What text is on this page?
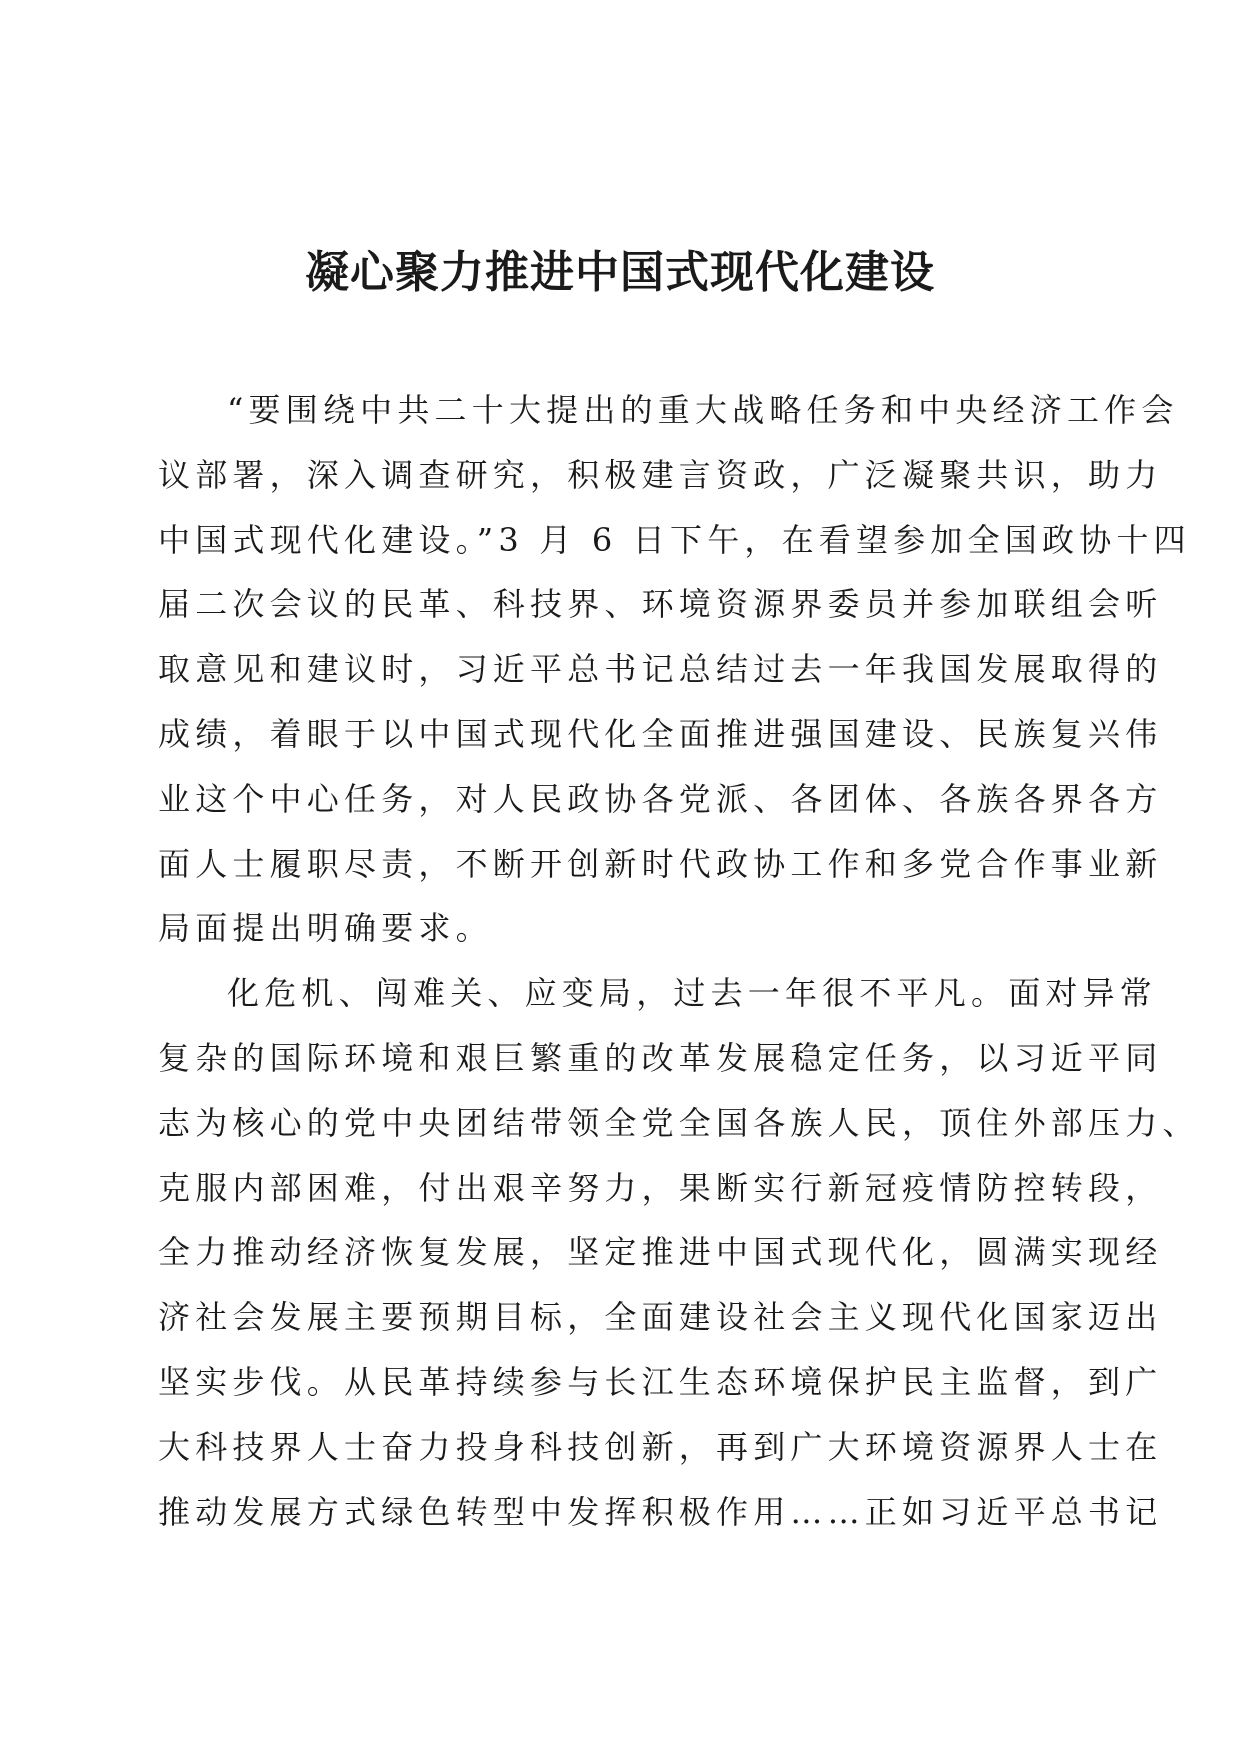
凝心聚力推进中国式现代化建设
“要围绕中共二十大提出的重大战略任务和中央经济工作会
议部署，深入调查研究，积极建言资政，广泛凝聚共识，助力
中国式现代化建设。”3 月 6 日下午，在看望参加全国政协十四
届二次会议的民革、科技界、环境资源界委员并参加联组会听
取意见和建议时，习近平总书记总结过去一年我国发展取得的
成绩，着眼于以中国式现代化全面推进强国建设、民族复兴伟
业这个中心任务，对人民政协各党派、各团体、各族各界各方
面人士履职尽责，不断开创新时代政协工作和多党合作事业新
局面提出明确要求。
化危机、闯难关、应变局，过去一年很不平凡。面对异常
复杂的国际环境和艰巨繁重的改革发展稳定任务，以习近平同
志为核心的党中央团结带领全党全国各族人民，顶住外部压力、
克服内部困难，付出艰辛努力，果断实行新冠疫情防控转段，
全力推动经济恢复发展，坚定推进中国式现代化，圆满实现经
济社会发展主要预期目标，全面建设社会主义现代化国家迈出
坚实步伐。从民革持续参与长江生态环境保护民主监督，到广
大科技界人士奋力投身科技创新，再到广大环境资源界人士在
推动发展方式绿色转型中发挥积极作用……正如习近平总书记
